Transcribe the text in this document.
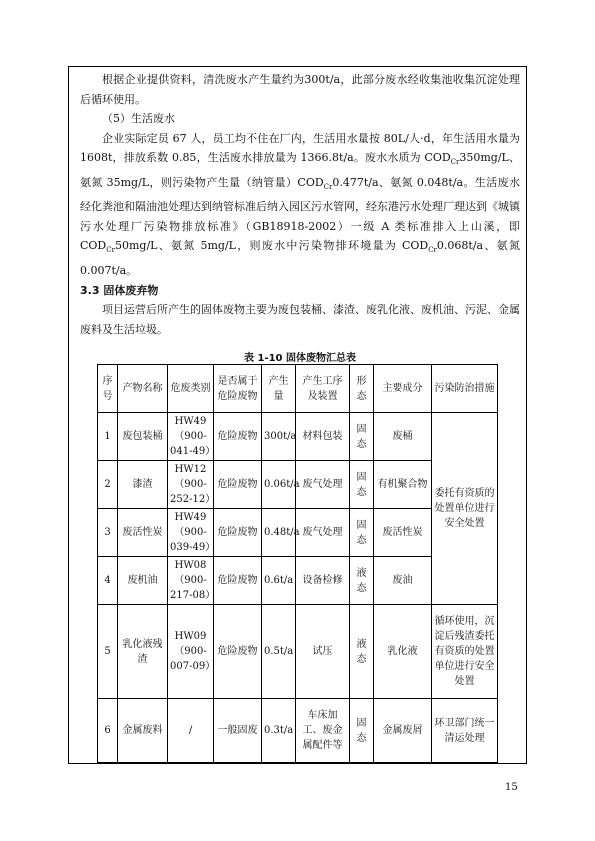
根据企业提供资料，清洗废水产生量约为300t/a，此部分废水经收集池收集沉淀处理后循环使用。

（5）生活废水

企业实际定员 67 人，员工均不住在厂内，生活用水量按 80L/人·d，年生活用水量为 1608t，排放系数 0.85，生活废水排放量为 1366.8t/a。废水水质为 $COD_{Cr}350mg/L$、氨氮 35mg/L，则污染物产生量（纳管量）$COD_{Cr}0.477t/a$、氨氮 0.048t/a。生活废水经化粪池和隔油池处理达到纳管标准后纳入园区污水管网，经东港污水处理厂理达到《城镇污水处理厂污染物排放标准》（GB18918-2002）一级 A 类标准排入上山溪，即 $COD_{Cr}50mg/L$、氨氮 5mg/L，则废水中污染物排环境量为 $COD_{Cr}0.068t/a$、氨氮 0.007t/a。

3.3 固体废弃物

项目运营后所产生的固体废物主要为废包装桶、漆渣、废乳化液、废机油、污泥、金属废料及生活垃圾。

表 1-10 固体废物汇总表
序号	产物名称	危废类别	是否属于危险废物	产生量	产生工序及装置	形态	主要成分	污染防治措施
1	废包装桶	HW49（900-041-49）	危险废物	300t/a	材料包装	固态	废桶	委托有资质的处置单位进行安全处置
2	漆渣	HW12（900-252-12）	危险废物	0.06t/a	废气处理	固态	有机聚合物	
3	废活性炭	HW49（900-039-49）	危险废物	0.48t/a	废气处理	固态	废活性炭	
4	废机油	HW08（900-217-08）	危险废物	0.6t/a	设备检修	液态	废油	
5	乳化液残渣	HW09（900-007-09）	危险废物	0.5t/a	试压	液态	乳化液	循环使用，沉淀后残渣委托有资质的处置单位进行安全处置
6	金属废料	/	一般固废	0.3t/a	车床加工、废金属配件等	固态	金属废屑	环卫部门统一清运处理
15
